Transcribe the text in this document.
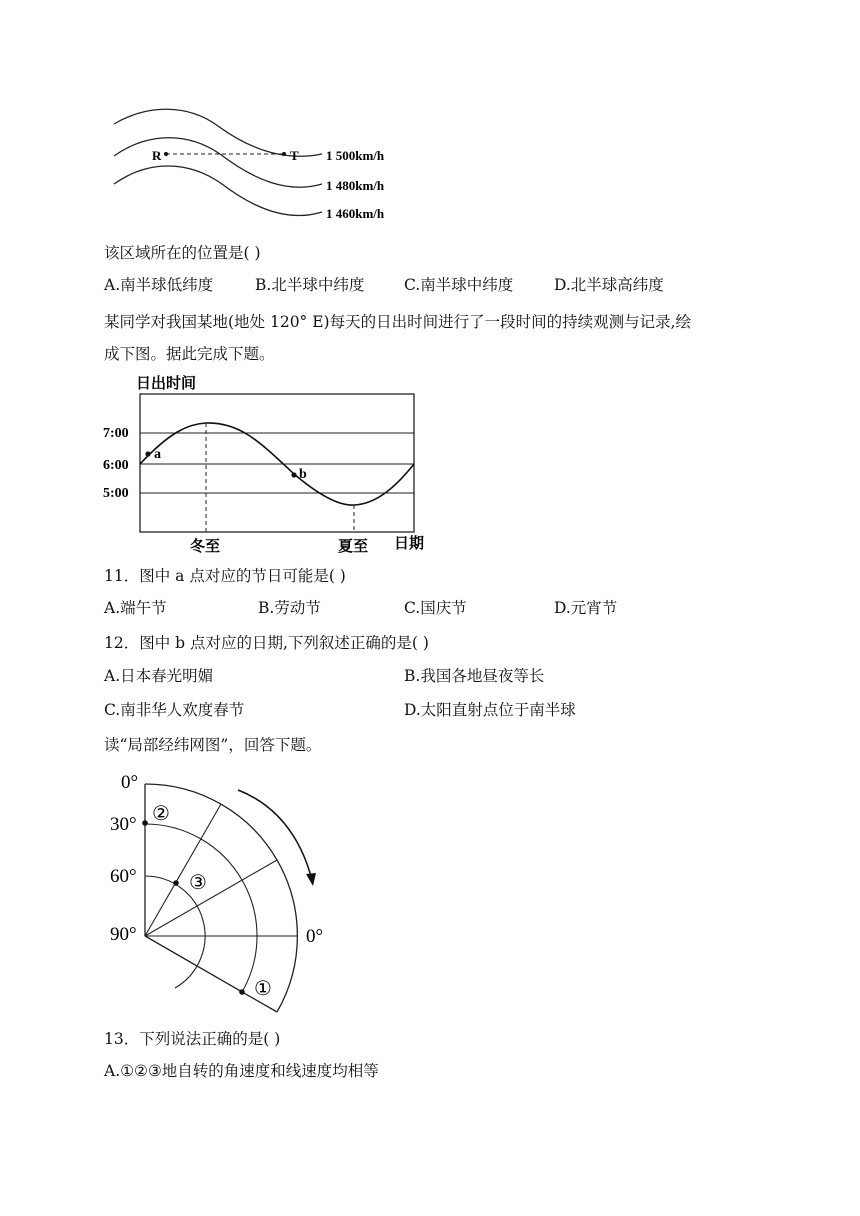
R	T 1 500km/h
1 480km/h
1 460km/h
该区域所在的位置是( )
A.南半球低纬度	B.北半球中纬度	C.南半球中纬度	D.北半球高纬度
某同学对我国某地(地处 120° E)每天的日出时间进行了一段时间的持续观测与记录,绘
成下图。据此完成下题。
日出时间
7:00
6:00
5:00
a
b
冬至	夏至 日期
11．图中 a 点对应的节日可能是( )
A.端午节	B.劳动节	C.国庆节	D.元宵节
12．图中 b 点对应的日期,下列叙述正确的是( )
A.日本春光明媚	B.我国各地昼夜等长
C.南非华人欢度春节	D.太阳直射点位于南半球
读“局部经纬网图”，回答下题。
0°
30°
60°
90°	0°
②
③
①
13．下列说法正确的是( )
A.①②③地自转的角速度和线速度均相等
